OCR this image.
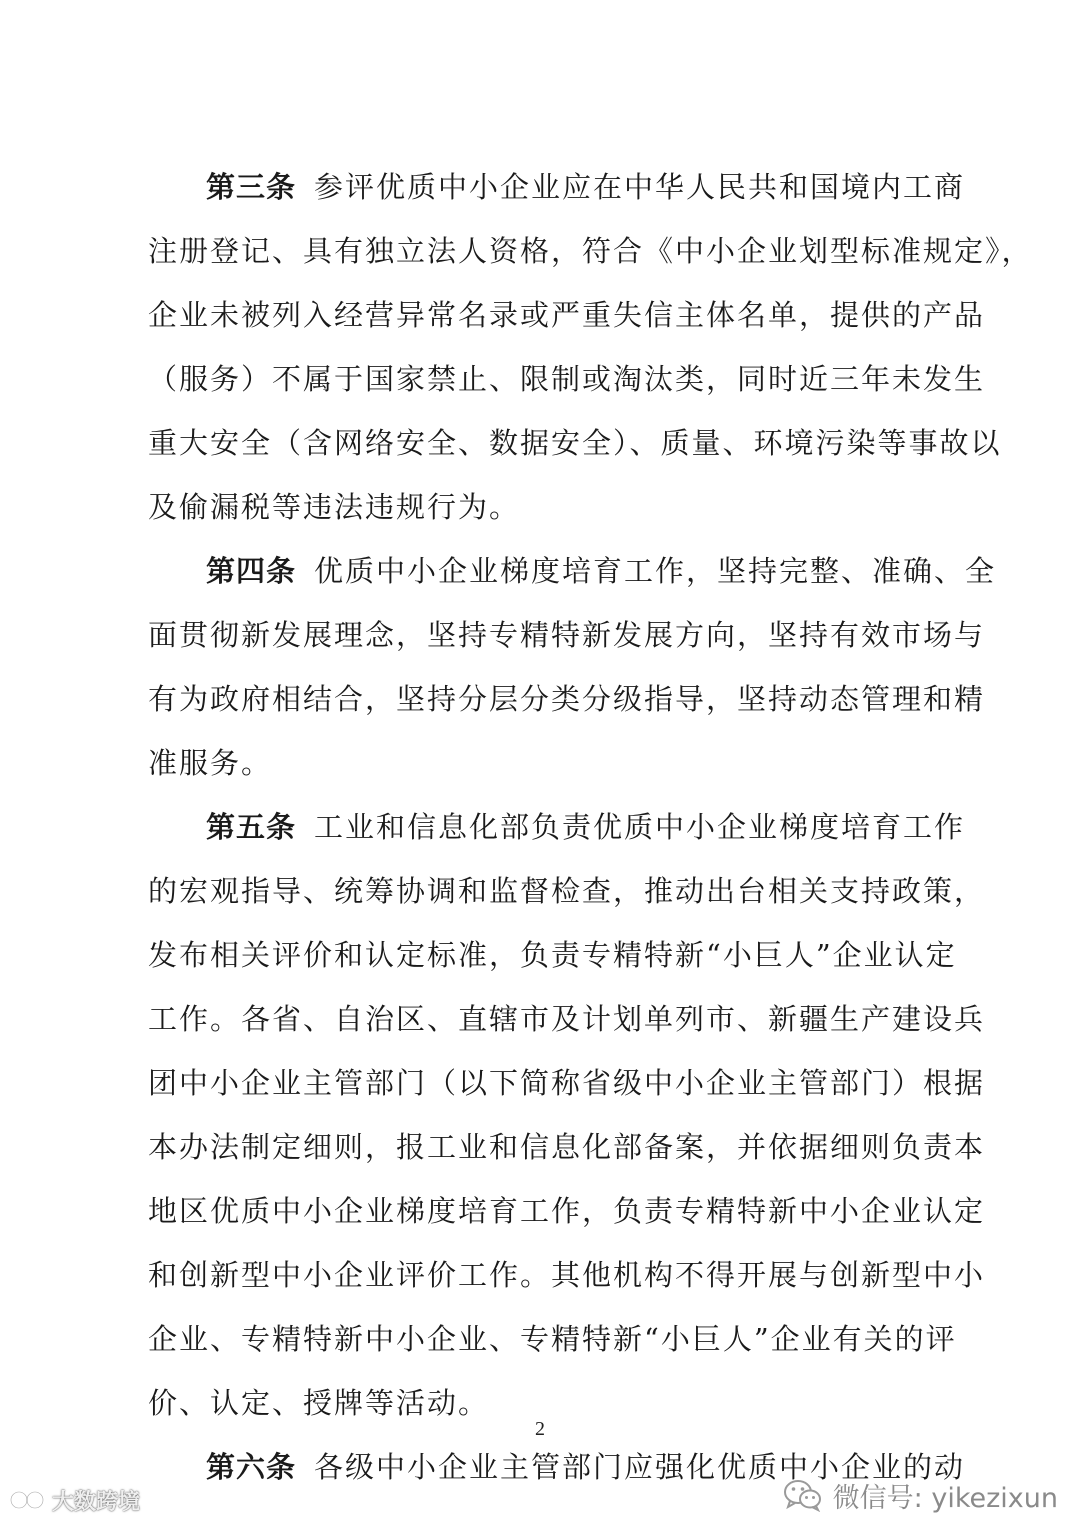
第三条 参评优质中小企业应在中华人民共和国境内工商
注册登记、具有独立法人资格，符合《中小企业划型标准规定》，
企业未被列入经营异常名录或严重失信主体名单，提供的产品
（服务）不属于国家禁止、限制或淘汰类，同时近三年未发生
重大安全（含网络安全、数据安全）、质量、环境污染等事故以
及偷漏税等违法违规行为。
第四条 优质中小企业梯度培育工作，坚持完整、准确、全
面贯彻新发展理念，坚持专精特新发展方向，坚持有效市场与
有为政府相结合，坚持分层分类分级指导，坚持动态管理和精
准服务。
第五条 工业和信息化部负责优质中小企业梯度培育工作
的宏观指导、统筹协调和监督检查，推动出台相关支持政策，
发布相关评价和认定标准，负责专精特新“小巨人”企业认定
工作。各省、自治区、直辖市及计划单列市、新疆生产建设兵
团中小企业主管部门（以下简称省级中小企业主管部门）根据
本办法制定细则，报工业和信息化部备案，并依据细则负责本
地区优质中小企业梯度培育工作，负责专精特新中小企业认定
和创新型中小企业评价工作。其他机构不得开展与创新型中小
企业、专精特新中小企业、专精特新“小巨人”企业有关的评
价、认定、授牌等活动。
第六条 各级中小企业主管部门应强化优质中小企业的动
2
大数跨境	微信号: yikezixun
